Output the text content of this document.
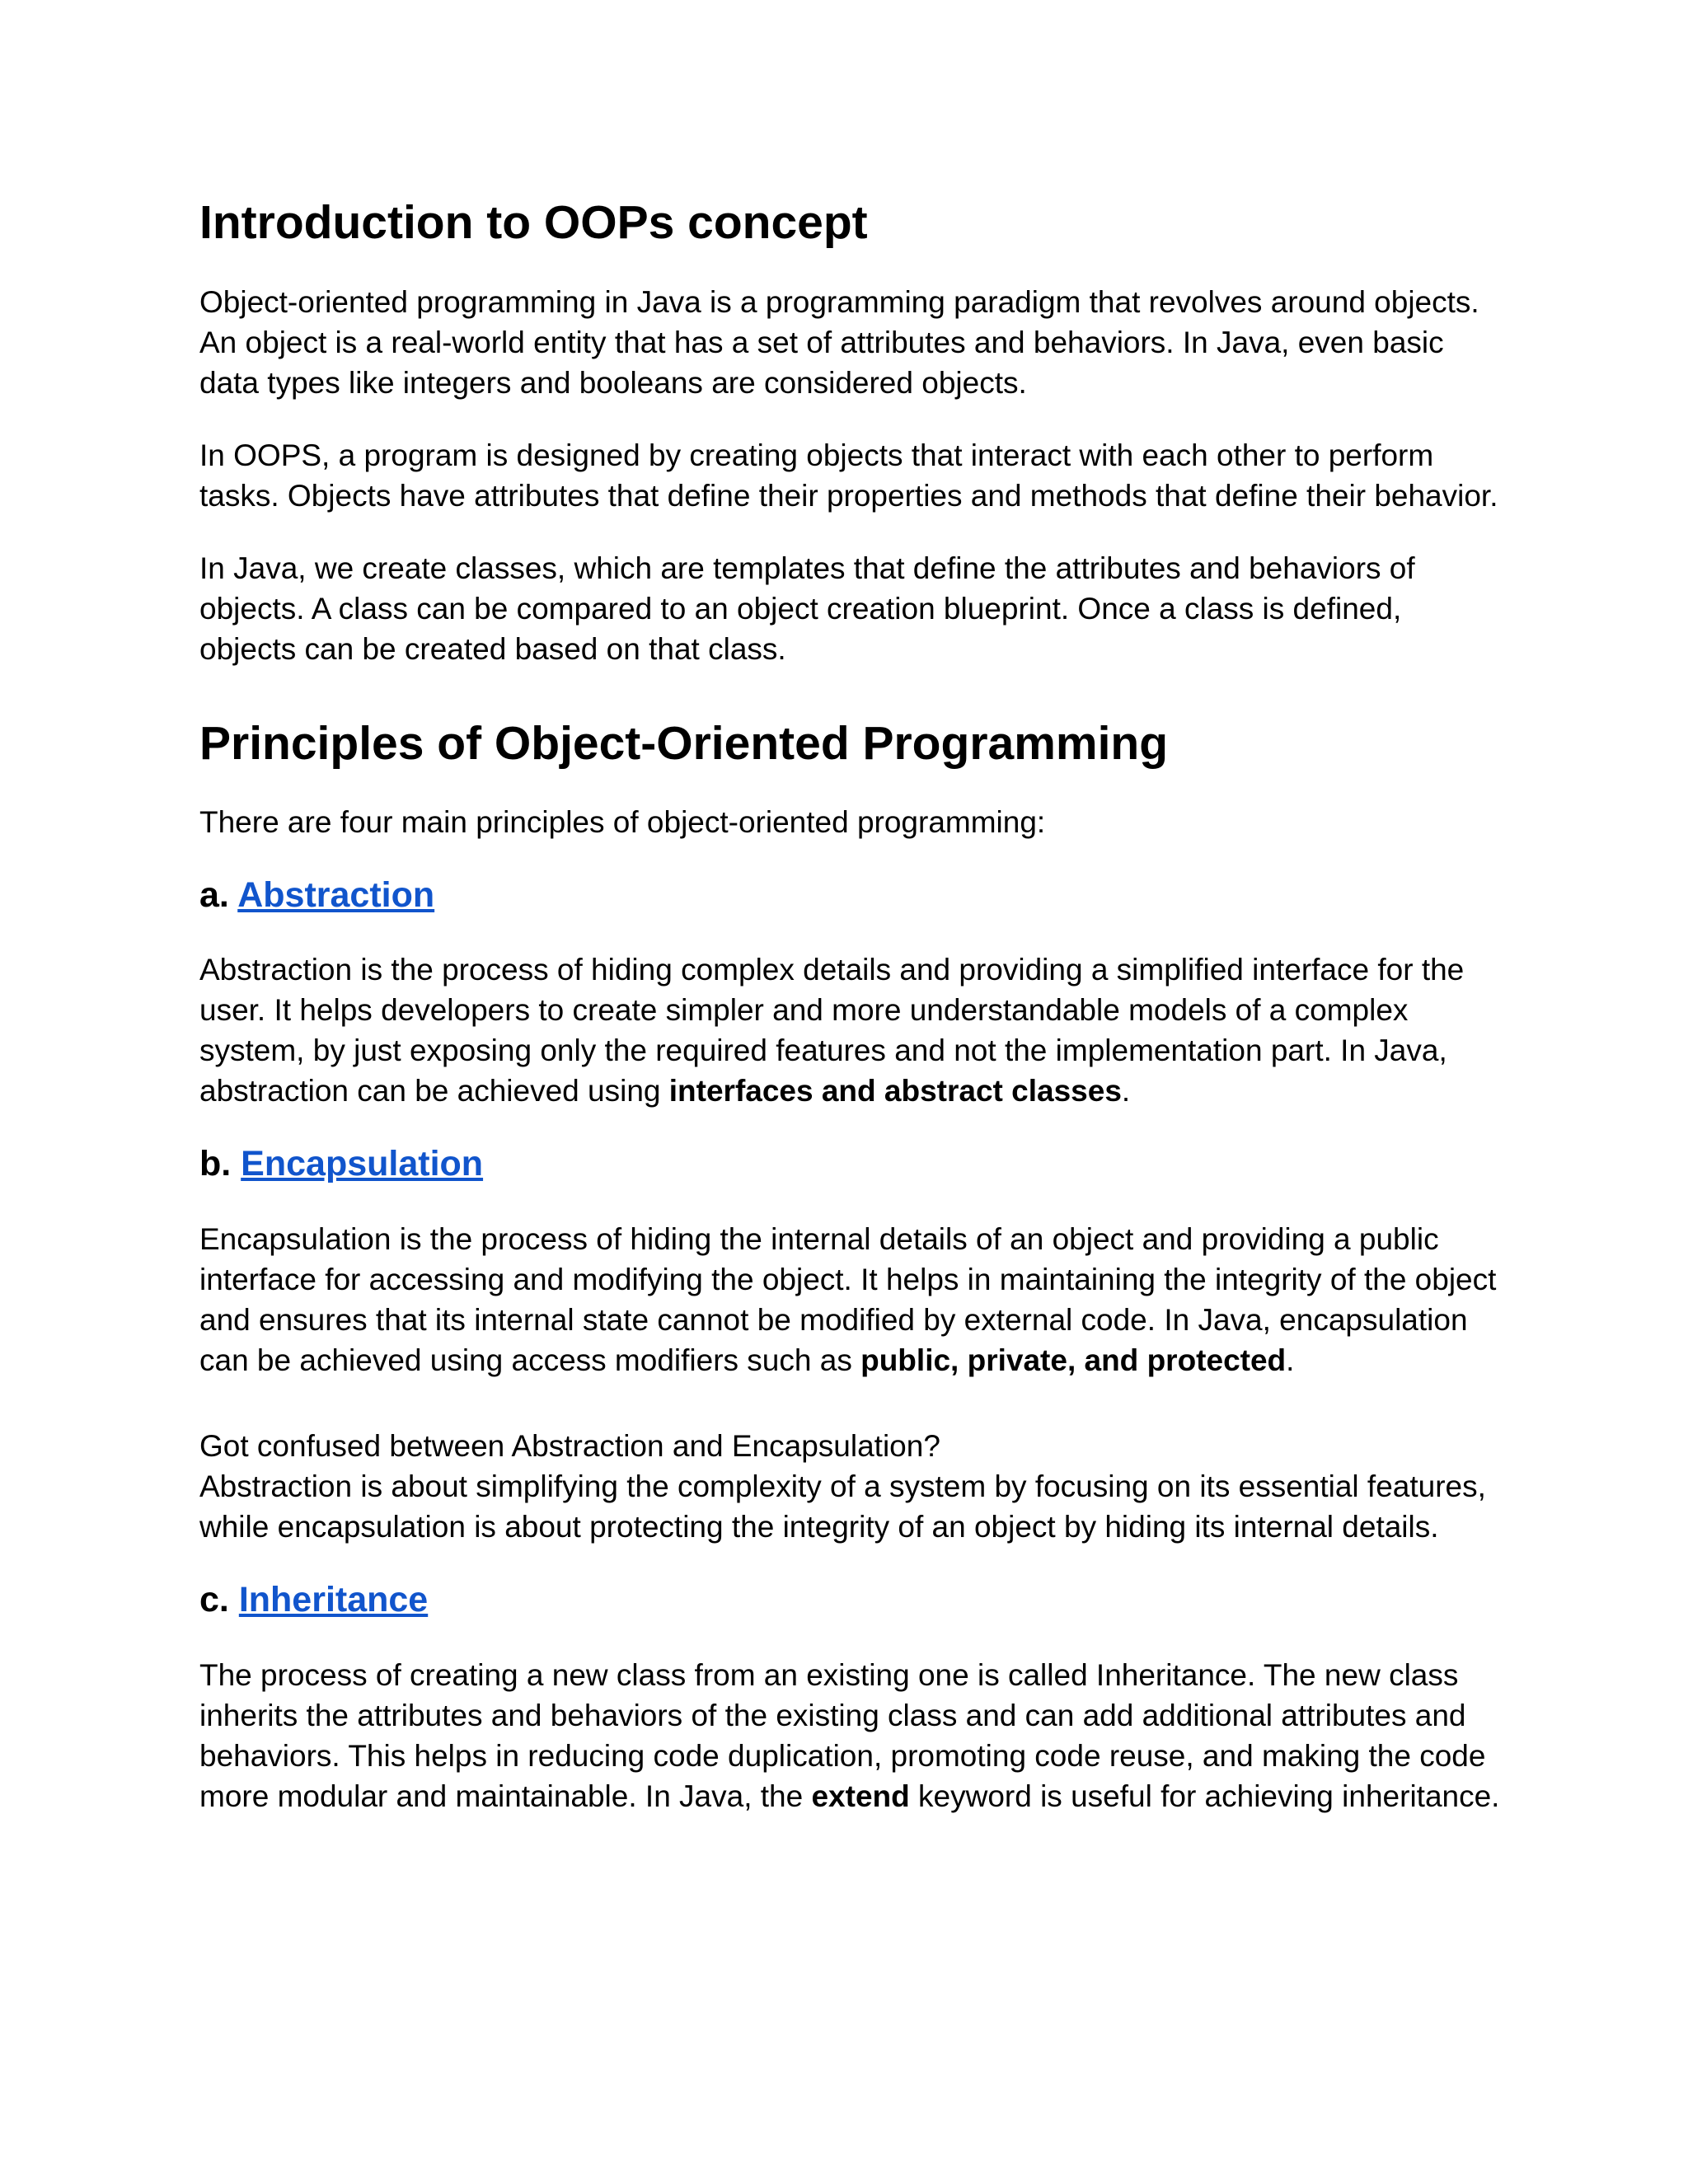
Introduction to OOPs concept

Object-oriented programming in Java is a programming paradigm that revolves around objects. An object is a real-world entity that has a set of attributes and behaviors. In Java, even basic data types like integers and booleans are considered objects.

In OOPS, a program is designed by creating objects that interact with each other to perform tasks. Objects have attributes that define their properties and methods that define their behavior.

In Java, we create classes, which are templates that define the attributes and behaviors of objects. A class can be compared to an object creation blueprint. Once a class is defined, objects can be created based on that class.

Principles of Object-Oriented Programming

There are four main principles of object-oriented programming:

a. Abstraction

Abstraction is the process of hiding complex details and providing a simplified interface for the user. It helps developers to create simpler and more understandable models of a complex system, by just exposing only the required features and not the implementation part. In Java, abstraction can be achieved using interfaces and abstract classes.

b. Encapsulation

Encapsulation is the process of hiding the internal details of an object and providing a public interface for accessing and modifying the object. It helps in maintaining the integrity of the object and ensures that its internal state cannot be modified by external code. In Java, encapsulation can be achieved using access modifiers such as public, private, and protected.

Got confused between Abstraction and Encapsulation?

Abstraction is about simplifying the complexity of a system by focusing on its essential features, while encapsulation is about protecting the integrity of an object by hiding its internal details.

c. Inheritance

The process of creating a new class from an existing one is called Inheritance. The new class inherits the attributes and behaviors of the existing class and can add additional attributes and behaviors. This helps in reducing code duplication, promoting code reuse, and making the code more modular and maintainable. In Java, the extend keyword is useful for achieving inheritance.
